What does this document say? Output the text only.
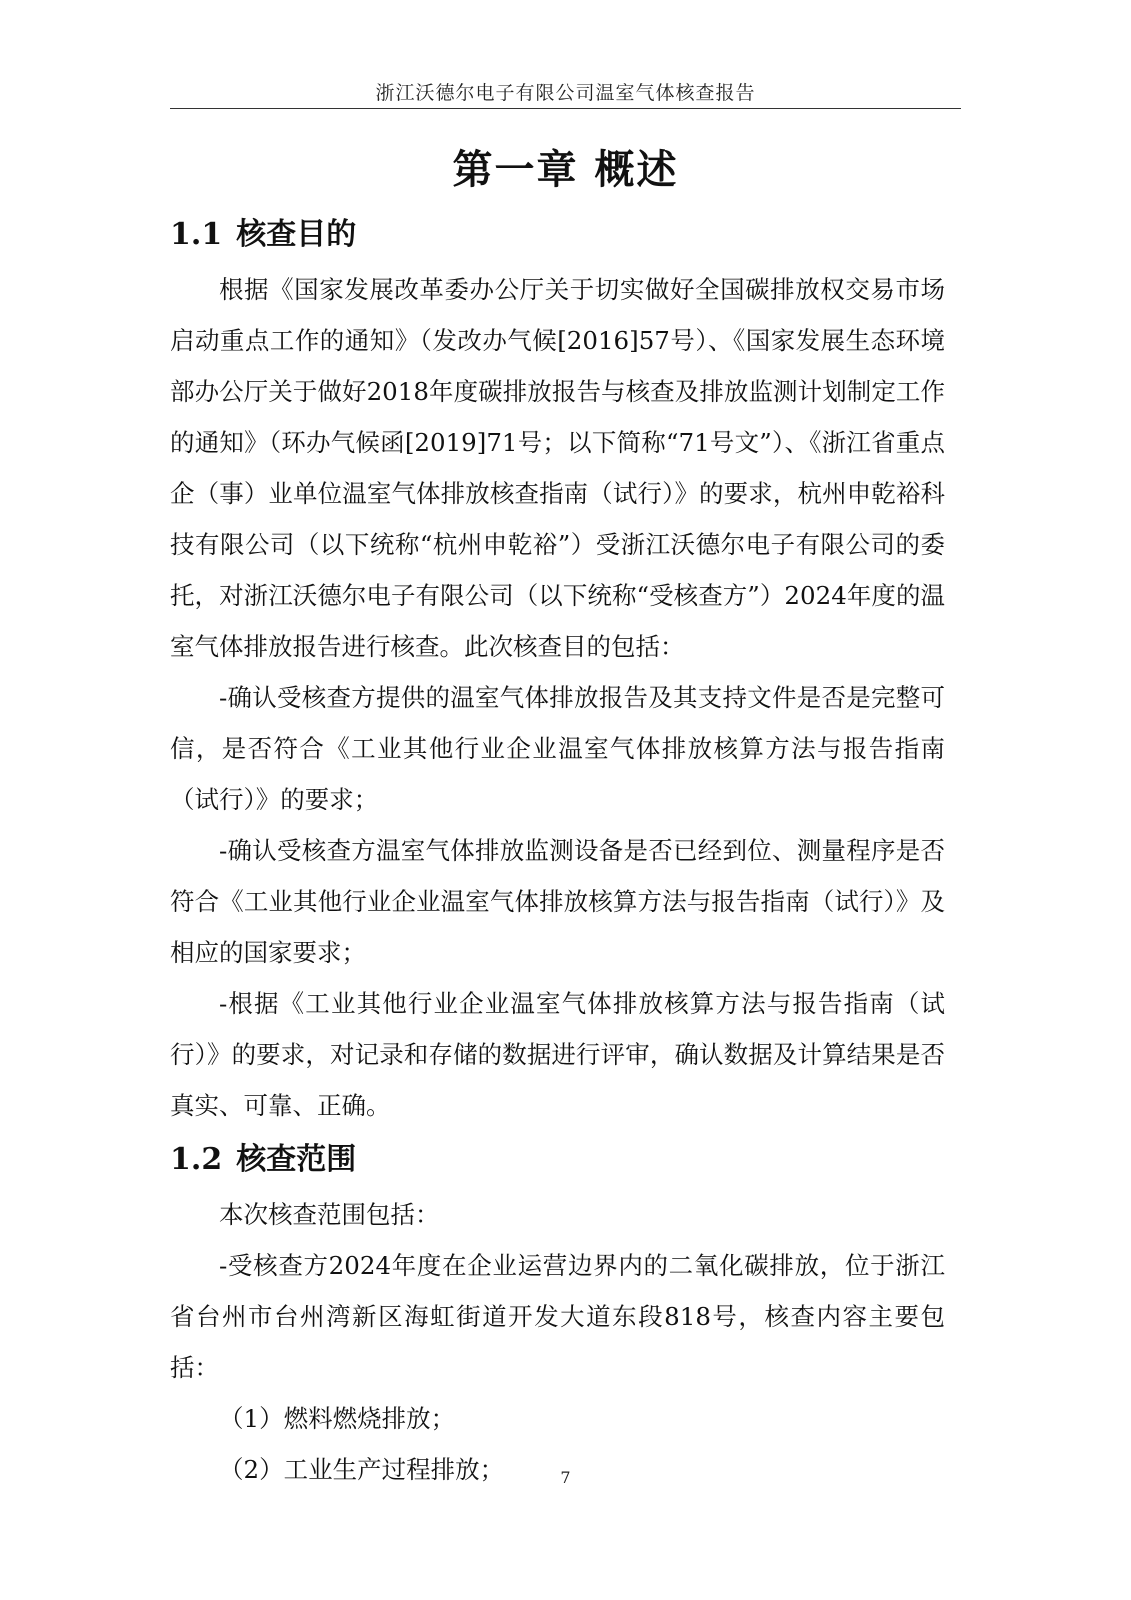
浙江沃德尔电子有限公司温室气体核查报告
第一章 概述
1.1 核查目的

根据《国家发展改革委办公厅关于切实做好全国碳排放权交易市场启动重点工作的通知》（发改办气候[2016]57号）、《国家发展生态环境部办公厅关于做好2018年度碳排放报告与核查及排放监测计划制定工作的通知》（环办气候函[2019]71号；以下简称“71号文”）、《浙江省重点企（事）业单位温室气体排放核查指南（试行）》的要求，杭州申乾裕科技有限公司（以下统称“杭州申乾裕”）受浙江沃德尔电子有限公司的委托，对浙江沃德尔电子有限公司（以下统称“受核查方”）2024年度的温室气体排放报告进行核查。此次核查目的包括：

-确认受核查方提供的温室气体排放报告及其支持文件是否是完整可信，是否符合《工业其他行业企业温室气体排放核算方法与报告指南（试行）》的要求；

-确认受核查方温室气体排放监测设备是否已经到位、测量程序是否符合《工业其他行业企业温室气体排放核算方法与报告指南（试行）》及相应的国家要求；

-根据《工业其他行业企业温室气体排放核算方法与报告指南（试行）》的要求，对记录和存储的数据进行评审，确认数据及计算结果是否真实、可靠、正确。

1.2 核查范围

本次核查范围包括：

-受核查方2024年度在企业运营边界内的二氧化碳排放，位于浙江省台州市台州湾新区海虹街道开发大道东段818号，核查内容主要包括：

（1）燃料燃烧排放；

（2）工业生产过程排放；	7
